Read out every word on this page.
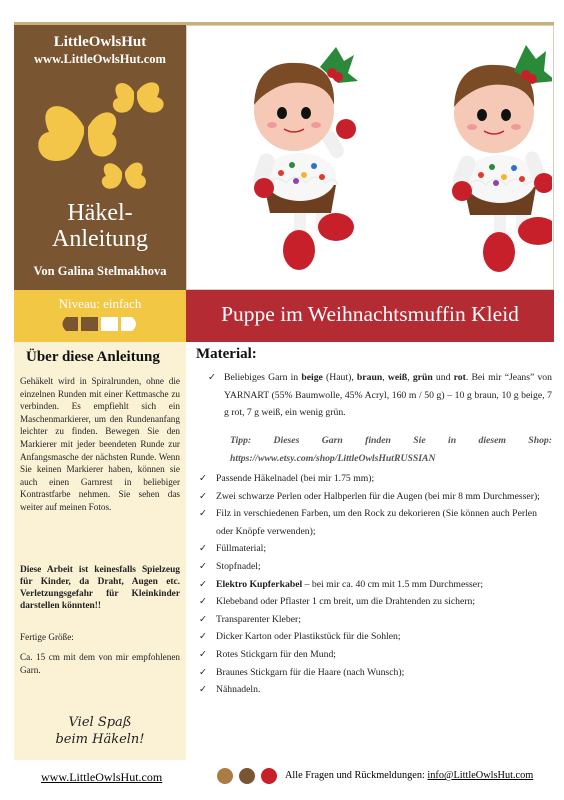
LittleOwlsHut
www.LittleOwlsHut.com
Häkel-
Anleitung
Von Galina Stelmakhova
Niveau: einfach	Puppe im Weihnachtsmuffin Kleid
Über diese Anleitung
Gehäkelt wird in Spiralrunden, ohne die einzelnen Runden mit einer Kettmasche zu verbinden. Es empfiehlt sich ein Maschenmarkierer, um den Rundenanfang leichter zu finden. Bewegen Sie den Markierer mit jeder beendeten Runde zur Anfangsmasche der nächsten Runde. Wenn Sie keinen Markierer haben, können sie auch einen Garnrest in beliebiger Kontrastfarbe nehmen. Sie sehen das weiter auf meinen Fotos.
Diese Arbeit ist keinesfalls Spielzeug für Kinder, da Draht, Augen etc. Verletzungsgefahr für Kleinkinder darstellen könnten!!
Fertige Größe:
Ca. 15 cm mit dem von mir empfohlenen Garn.
Viel Spaß
beim Häkeln!
Material:
✓ Beliebiges Garn in beige (Haut), braun, weiß, grün und rot. Bei mir “Jeans” von YARNART (55% Baumwolle, 45% Acryl, 160 m / 50 g) – 10 g braun, 10 g beige, 7 g rot, 7 g weiß, ein wenig grün.
Tipp: Dieses Garn finden Sie in diesem Shop: https://www.etsy.com/shop/LittleOwlsHutRUSSIAN
✓ Passende Häkelnadel (bei mir 1.75 mm);
✓ Zwei schwarze Perlen oder Halbperlen für die Augen (bei mir 8 mm Durchmesser);
✓ Filz in verschiedenen Farben, um den Rock zu dekorieren (Sie können auch Perlen oder Knöpfe verwenden);
✓ Füllmaterial;
✓ Stopfnadel;
✓ Elektro Kupferkabel – bei mir ca. 40 cm mit 1.5 mm Durchmesser;
✓ Klebeband oder Pflaster 1 cm breit, um die Drahtenden zu sichern;
✓ Transparenter Kleber;
✓ Dicker Karton oder Plastikstück für die Sohlen;
✓ Rotes Stickgarn für den Mund;
✓ Braunes Stickgarn für die Haare (nach Wunsch);
✓ Nähnadeln.
www.LittleOwlsHut.com	Alle Fragen und Rückmeldungen: info@LittleOwlsHut.com
